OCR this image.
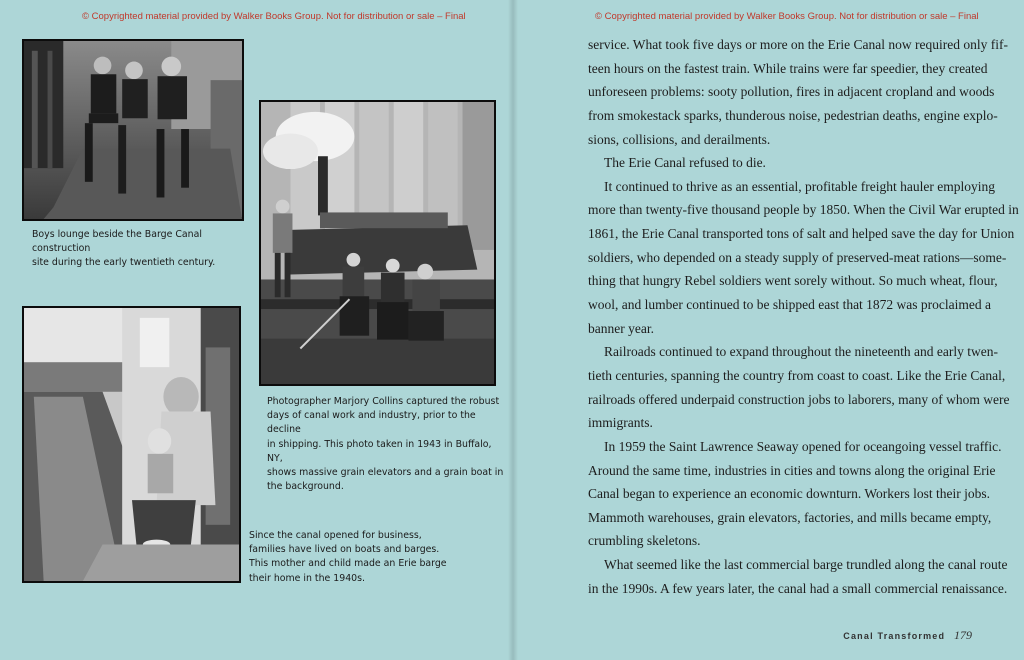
© Copyrighted material provided by Walker Books Group. Not for distribution or sale – Final

Boys lounge beside the Barge Canal construction

site during the early twentieth century.

Photographer Marjory Collins captured the robust

days of canal work and industry, prior to the decline

in shipping. This photo taken in 1943 in Buffalo, NY,

shows massive grain elevators and a grain boat in

the background.

Since the canal opened for business,

families have lived on boats and barges.

This mother and child made an Erie barge

their home in the 1940s.

© Copyrighted material provided by Walker Books Group. Not for distribution or sale – Final
service. What took five days or more on the Erie Canal now required only fif-
teen hours on the fastest train. While trains were far speedier, they created
unforeseen problems: sooty pollution, fires in adjacent cropland and woods
from smokestack sparks, thunderous noise, pedestrian deaths, engine explo-
sions, collisions, and derailments.
The Erie Canal refused to die.
It continued to thrive as an essential, profitable freight hauler employing
more than twenty-five thousand people by 1850. When the Civil War erupted in
1861, the Erie Canal transported tons of salt and helped save the day for Union
soldiers, who depended on a steady supply of preserved-meat rations—some-
thing that hungry Rebel soldiers went sorely without. So much wheat, flour,
wool, and lumber continued to be shipped east that 1872 was proclaimed a
banner year.
Railroads continued to expand throughout the nineteenth and early twen-
tieth centuries, spanning the country from coast to coast. Like the Erie Canal,
railroads offered underpaid construction jobs to laborers, many of whom were
immigrants.
In 1959 the Saint Lawrence Seaway opened for oceangoing vessel traffic.
Around the same time, industries in cities and towns along the original Erie
Canal began to experience an economic downturn. Workers lost their jobs.
Mammoth warehouses, grain elevators, factories, and mills became empty,
crumbling skeletons.
What seemed like the last commercial barge trundled along the canal route
in the 1990s. A few years later, the canal had a small commercial renaissance.
Canal Transformed 179
